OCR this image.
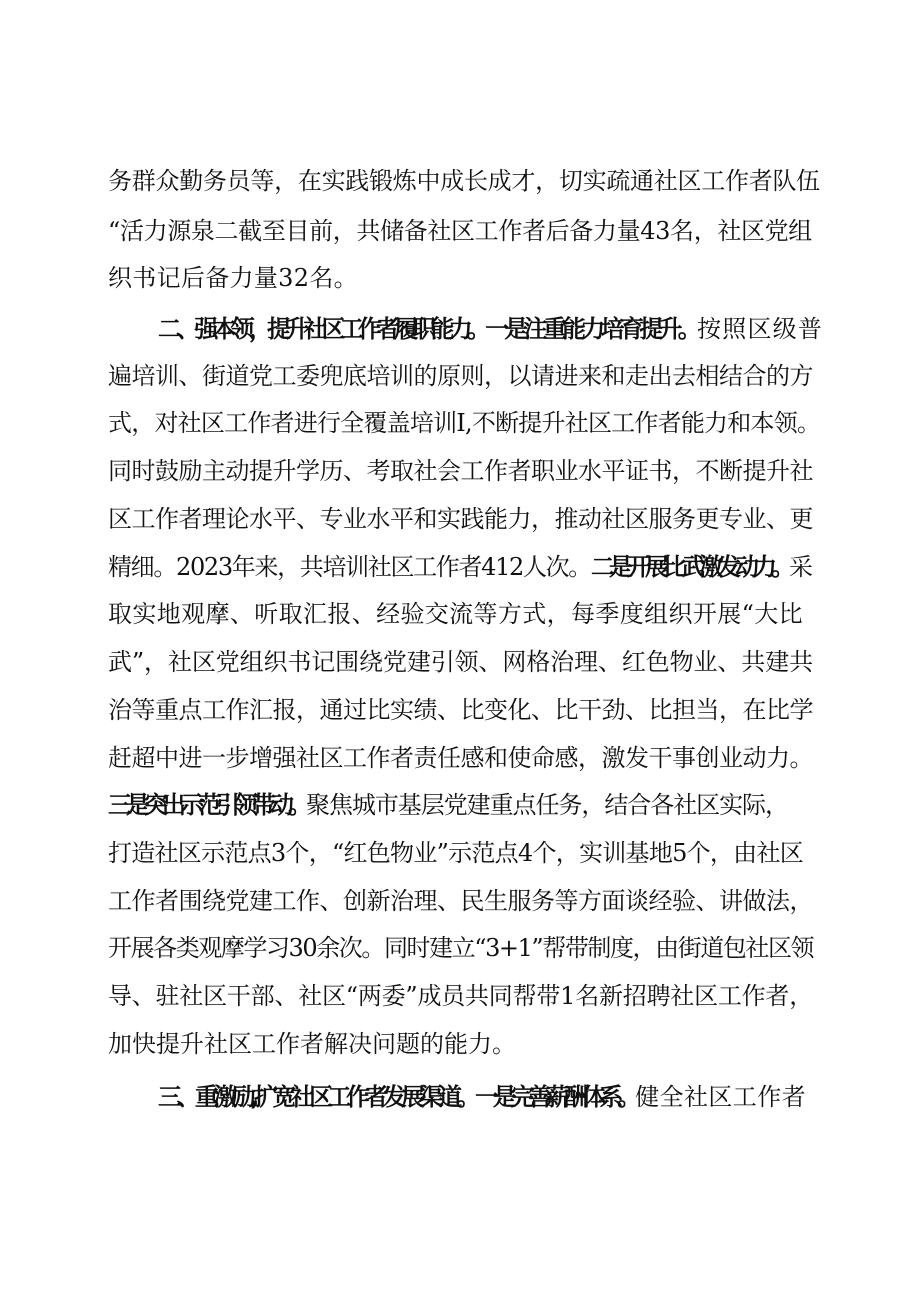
务群众勤务员等，在实践锻炼中成长成才，切实疏通社区工作者队伍
“活力源泉二截至目前，共储备社区工作者后备力量43名，社区党组
织书记后备力量32名。
二、强本领，提升社区工作者履职能力。一是注重能力培育提升。按照区级普
遍培训、街道党工委兜底培训的原则，以请进来和走出去相结合的方
式，对社区工作者进行全覆盖培训I,不断提升社区工作者能力和本领。
同时鼓励主动提升学历、考取社会工作者职业水平证书，不断提升社
区工作者理论水平、专业水平和实践能力，推动社区服务更专业、更
精细。2023年来，共培训社区工作者412人次。二是开展比武激发动力。采
取实地观摩、听取汇报、经验交流等方式，每季度组织开展“大比
武”，社区党组织书记围绕党建引领、网格治理、红色物业、共建共
治等重点工作汇报，通过比实绩、比变化、比干劲、比担当，在比学
赶超中进一步增强社区工作者责任感和使命感，激发干事创业动力。
三是突出示范引领带动。聚焦城市基层党建重点任务，结合各社区实际，
打造社区示范点3个，“红色物业”示范点4个，实训基地5个，由社区
工作者围绕党建工作、创新治理、民生服务等方面谈经验、讲做法，
开展各类观摩学习30余次。同时建立“3+1”帮带制度，由街道包社区领
导、驻社区干部、社区“两委”成员共同帮带1名新招聘社区工作者，
加快提升社区工作者解决问题的能力。
三、重激励,扩宽社区工作者发展渠道。一是完善薪酬体系。健全社区工作者
